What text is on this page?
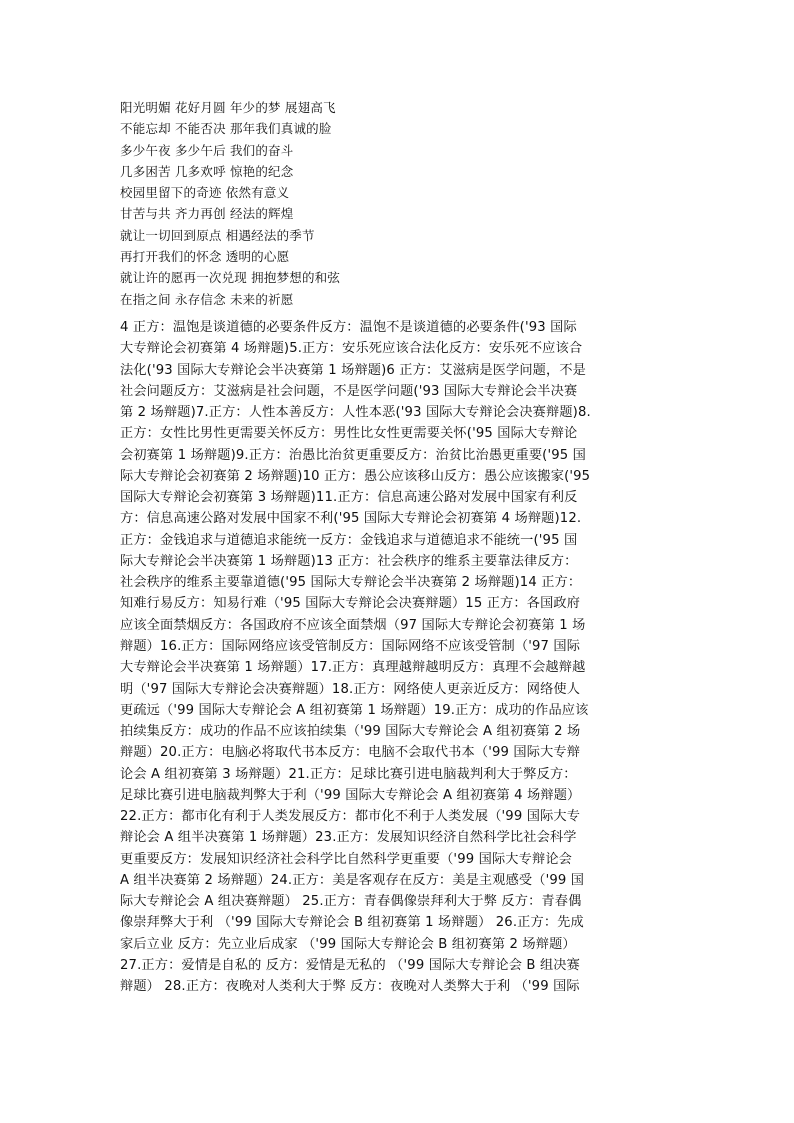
阳光明媚 花好月圆 年少的梦 展翅高飞
不能忘却 不能否决 那年我们真诚的脸
多少午夜 多少午后 我们的奋斗
几多困苦 几多欢呼 惊艳的纪念
校园里留下的奇迹 依然有意义
甘苦与共 齐力再创 经法的辉煌
就让一切回到原点 相遇经法的季节
再打开我们的怀念 透明的心愿
就让许的愿再一次兑现 拥抱梦想的和弦
在指之间 永存信念 未来的祈愿
4 正方：温饱是谈道德的必要条件反方：温饱不是谈道德的必要条件('93 国际
大专辩论会初赛第 4 场辩题)5.正方：安乐死应该合法化反方：安乐死不应该合
法化('93 国际大专辩论会半决赛第 1 场辩题)6 正方：艾滋病是医学问题，不是
社会问题反方：艾滋病是社会问题，不是医学问题('93 国际大专辩论会半决赛
第 2 场辩题)7.正方：人性本善反方：人性本恶('93 国际大专辩论会决赛辩题)8.
正方：女性比男性更需要关怀反方：男性比女性更需要关怀('95 国际大专辩论
会初赛第 1 场辩题)9.正方：治愚比治贫更重要反方：治贫比治愚更重要('95 国
际大专辩论会初赛第 2 场辩题)10 正方：愚公应该移山反方：愚公应该搬家('95
国际大专辩论会初赛第 3 场辩题)11.正方：信息高速公路对发展中国家有利反
方：信息高速公路对发展中国家不利('95 国际大专辩论会初赛第 4 场辩题)12.
正方：金钱追求与道德追求能统一反方：金钱追求与道德追求不能统一('95 国
际大专辩论会半决赛第 1 场辩题)13 正方：社会秩序的维系主要靠法律反方：
社会秩序的维系主要靠道德('95 国际大专辩论会半决赛第 2 场辩题)14 正方：
知难行易反方：知易行难（'95 国际大专辩论会决赛辩题）15 正方：各国政府
应该全面禁烟反方：各国政府不应该全面禁烟（97 国际大专辩论会初赛第 1 场
辩题）16.正方：国际网络应该受管制反方：国际网络不应该受管制（'97 国际
大专辩论会半决赛第 1 场辩题）17.正方：真理越辩越明反方：真理不会越辩越
明（'97 国际大专辩论会决赛辩题）18.正方：网络使人更亲近反方：网络使人
更疏远（'99 国际大专辩论会 A 组初赛第 1 场辩题）19.正方：成功的作品应该
拍续集反方：成功的作品不应该拍续集（'99 国际大专辩论会 A 组初赛第 2 场
辩题）20.正方：电脑必将取代书本反方：电脑不会取代书本（'99 国际大专辩
论会 A 组初赛第 3 场辩题）21.正方：足球比赛引进电脑裁判利大于弊反方：
足球比赛引进电脑裁判弊大于利（'99 国际大专辩论会 A 组初赛第 4 场辩题）
22.正方：都市化有利于人类发展反方：都市化不利于人类发展（'99 国际大专
辩论会 A 组半决赛第 1 场辩题）23.正方：发展知识经济自然科学比社会科学
更重要反方：发展知识经济社会科学比自然科学更重要（'99 国际大专辩论会
A 组半决赛第 2 场辩题）24.正方：美是客观存在反方：美是主观感受（'99 国
际大专辩论会 A 组决赛辩题） 25.正方：青春偶像崇拜利大于弊 反方：青春偶
像崇拜弊大于利 （'99 国际大专辩论会 B 组初赛第 1 场辩题） 26.正方：先成
家后立业 反方：先立业后成家 （'99 国际大专辩论会 B 组初赛第 2 场辩题）
27.正方：爱情是自私的 反方：爱情是无私的 （'99 国际大专辩论会 B 组决赛
辩题） 28.正方：夜晚对人类利大于弊 反方：夜晚对人类弊大于利 （'99 国际
